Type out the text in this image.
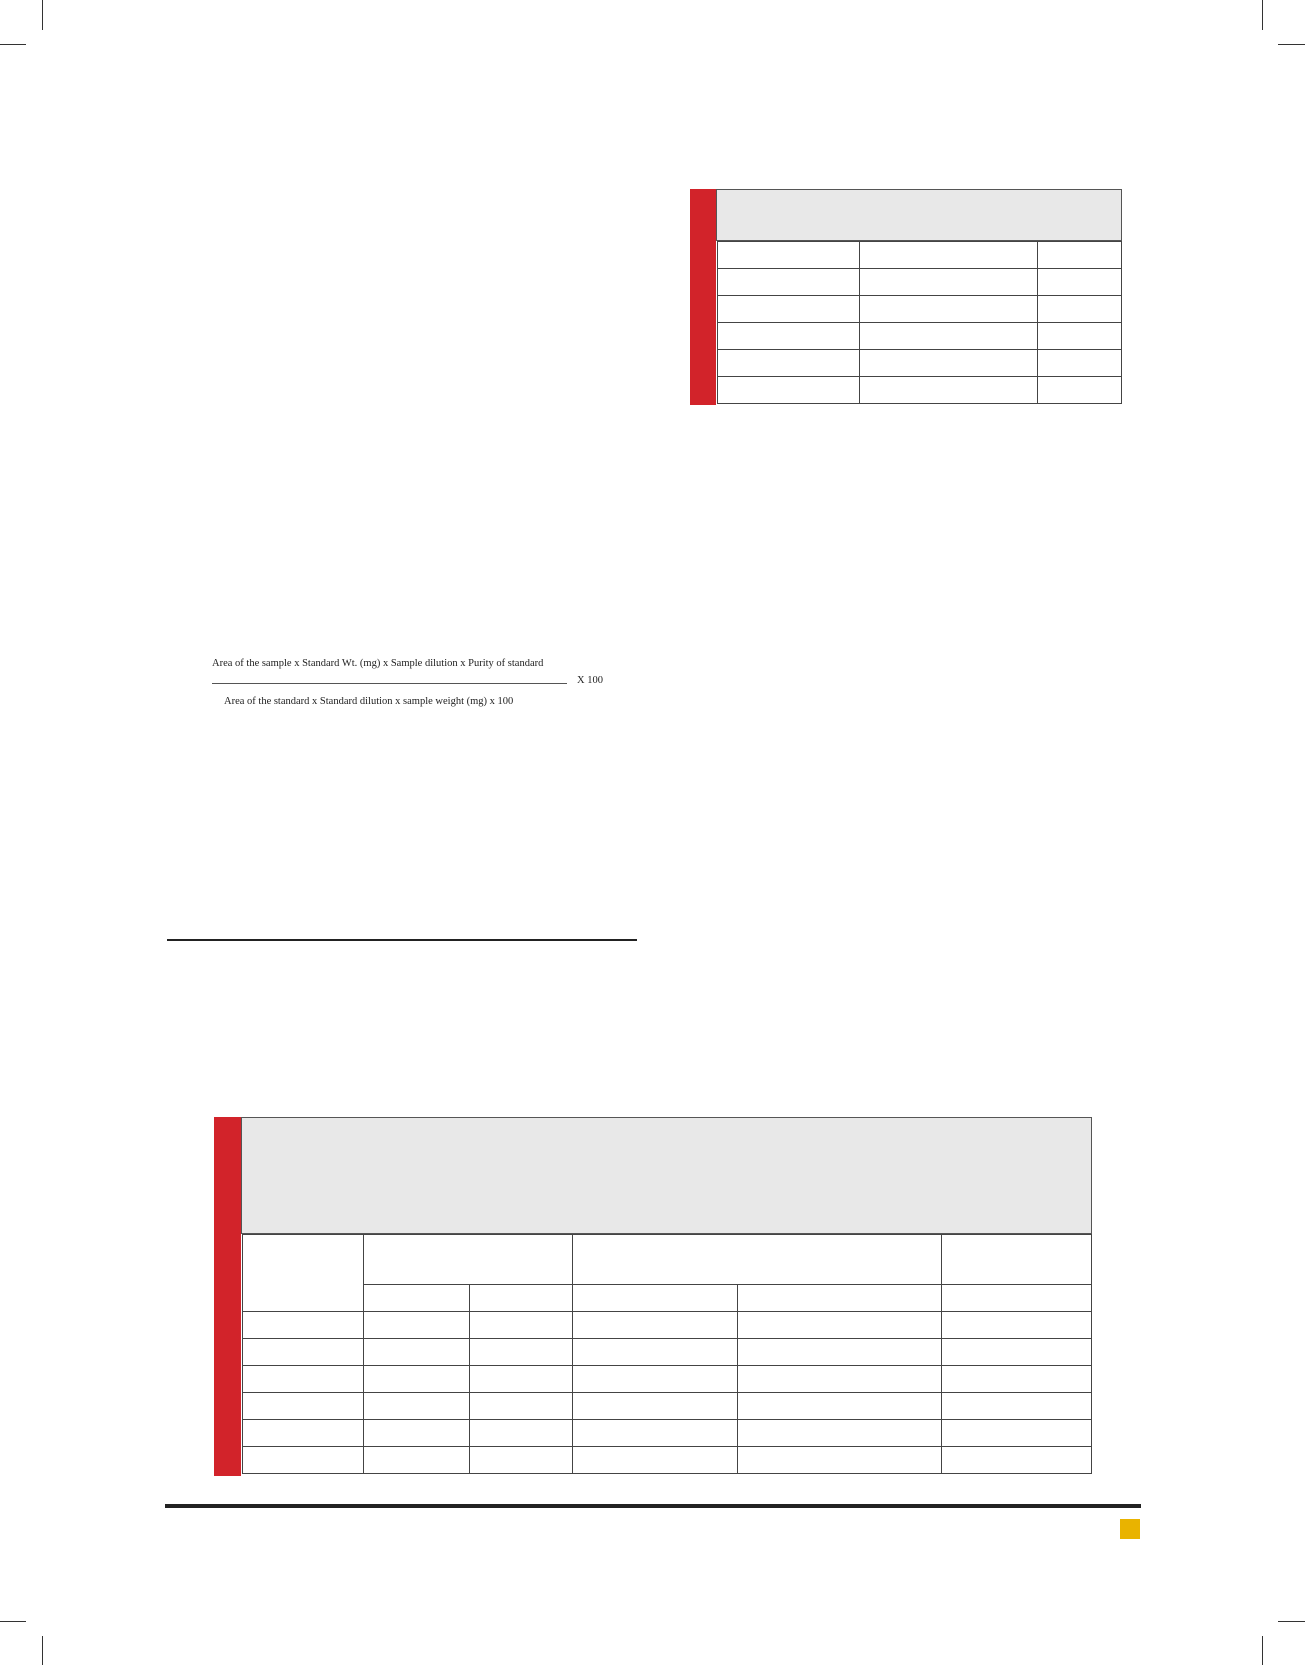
Area of the sample x Standard Wt. (mg) x Sample dilution x Purity of standard
X 100
Area of the standard x Standard dilution x sample weight (mg) x 100
